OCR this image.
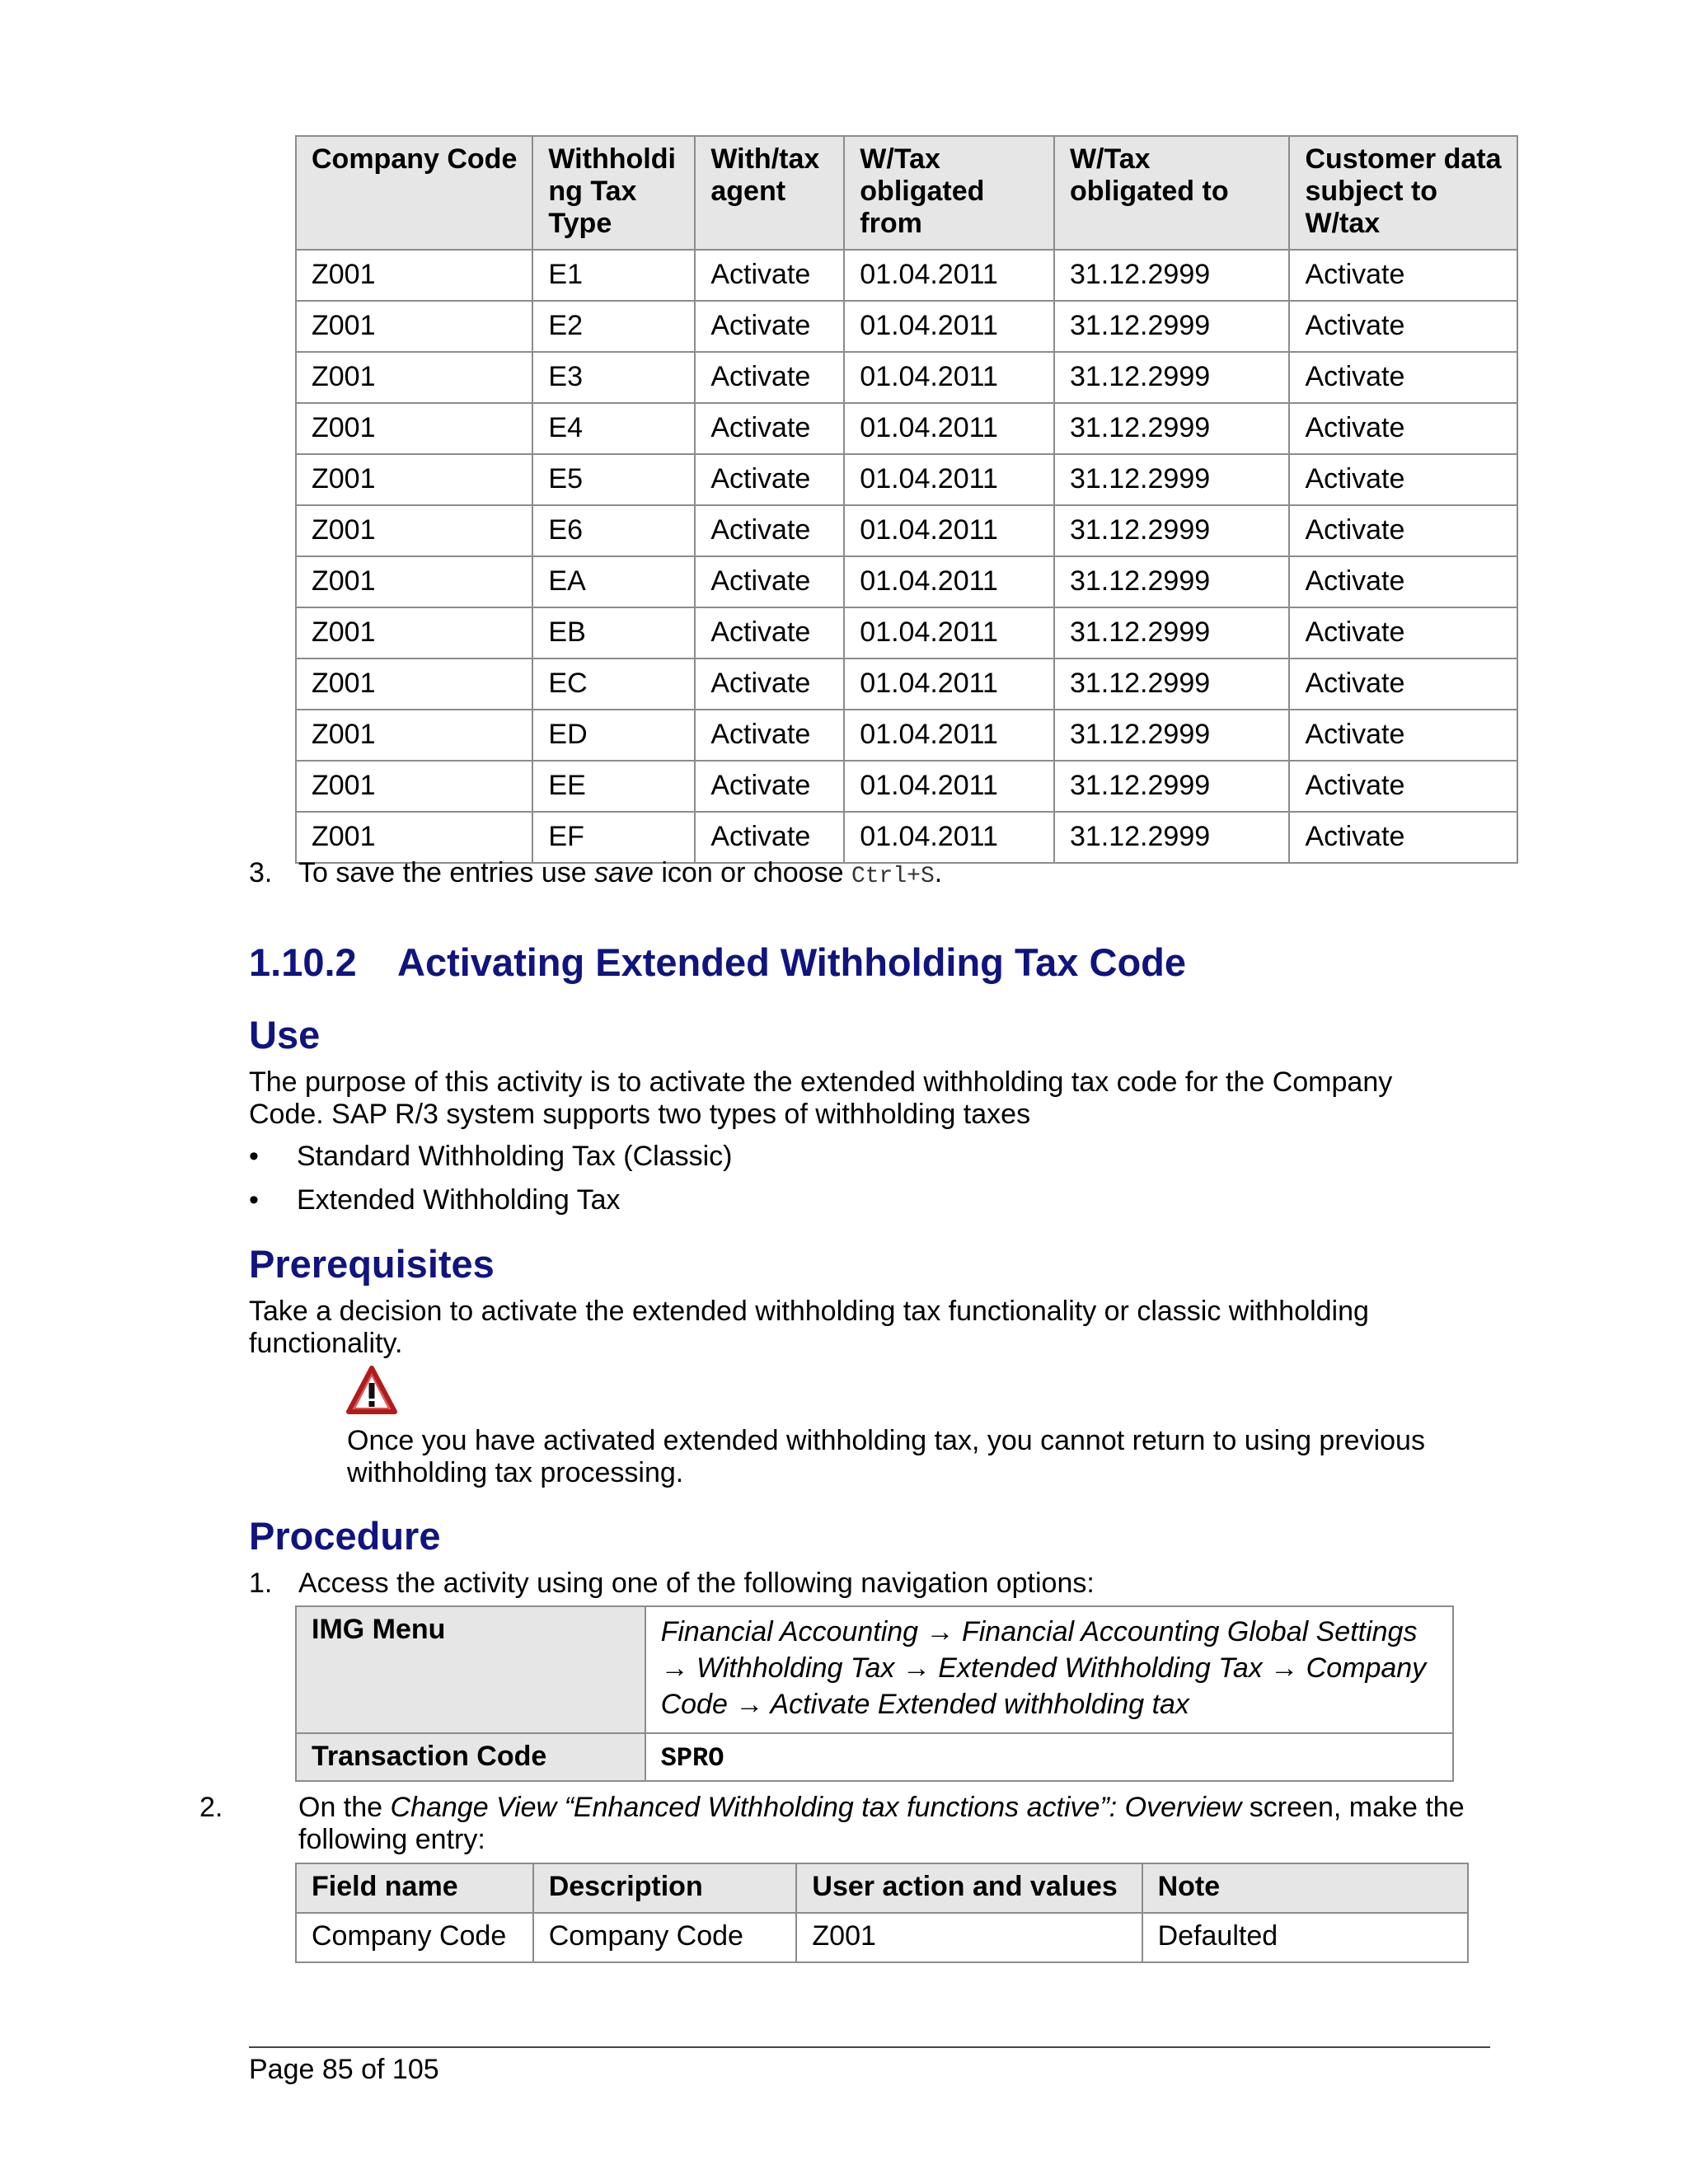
Company Code	Withholdi ng Tax Type	With/tax agent	W/Tax obligated from	W/Tax obligated to	Customer data subject to W/tax
Z001	E1	Activate	01.04.2011	31.12.2999	Activate
Z001	E2	Activate	01.04.2011	31.12.2999	Activate
Z001	E3	Activate	01.04.2011	31.12.2999	Activate
Z001	E4	Activate	01.04.2011	31.12.2999	Activate
Z001	E5	Activate	01.04.2011	31.12.2999	Activate
Z001	E6	Activate	01.04.2011	31.12.2999	Activate
Z001	EA	Activate	01.04.2011	31.12.2999	Activate
Z001	EB	Activate	01.04.2011	31.12.2999	Activate
Z001	EC	Activate	01.04.2011	31.12.2999	Activate
Z001	ED	Activate	01.04.2011	31.12.2999	Activate
Z001	EE	Activate	01.04.2011	31.12.2999	Activate
Z001	EF	Activate	01.04.2011	31.12.2999	Activate
3. To save the entries use save icon or choose Ctrl+S.
1.10.2 Activating Extended Withholding Tax Code
Use
The purpose of this activity is to activate the extended withholding tax code for the Company Code. SAP R/3 system supports two types of withholding taxes
• Standard Withholding Tax (Classic)
• Extended Withholding Tax
Prerequisites
Take a decision to activate the extended withholding tax functionality or classic withholding functionality.
Once you have activated extended withholding tax, you cannot return to using previous withholding tax processing.
Procedure
1. Access the activity using one of the following navigation options:
IMG Menu	Financial Accounting → Financial Accounting Global Settings → Withholding Tax → Extended Withholding Tax → Company Code → Activate Extended withholding tax
Transaction Code	SPRO
2.	On the Change View “Enhanced Withholding tax functions active”: Overview screen, make the following entry:
Field name	Description	User action and values	Note
Company Code	Company Code	Z001	Defaulted
Page 85 of 105
